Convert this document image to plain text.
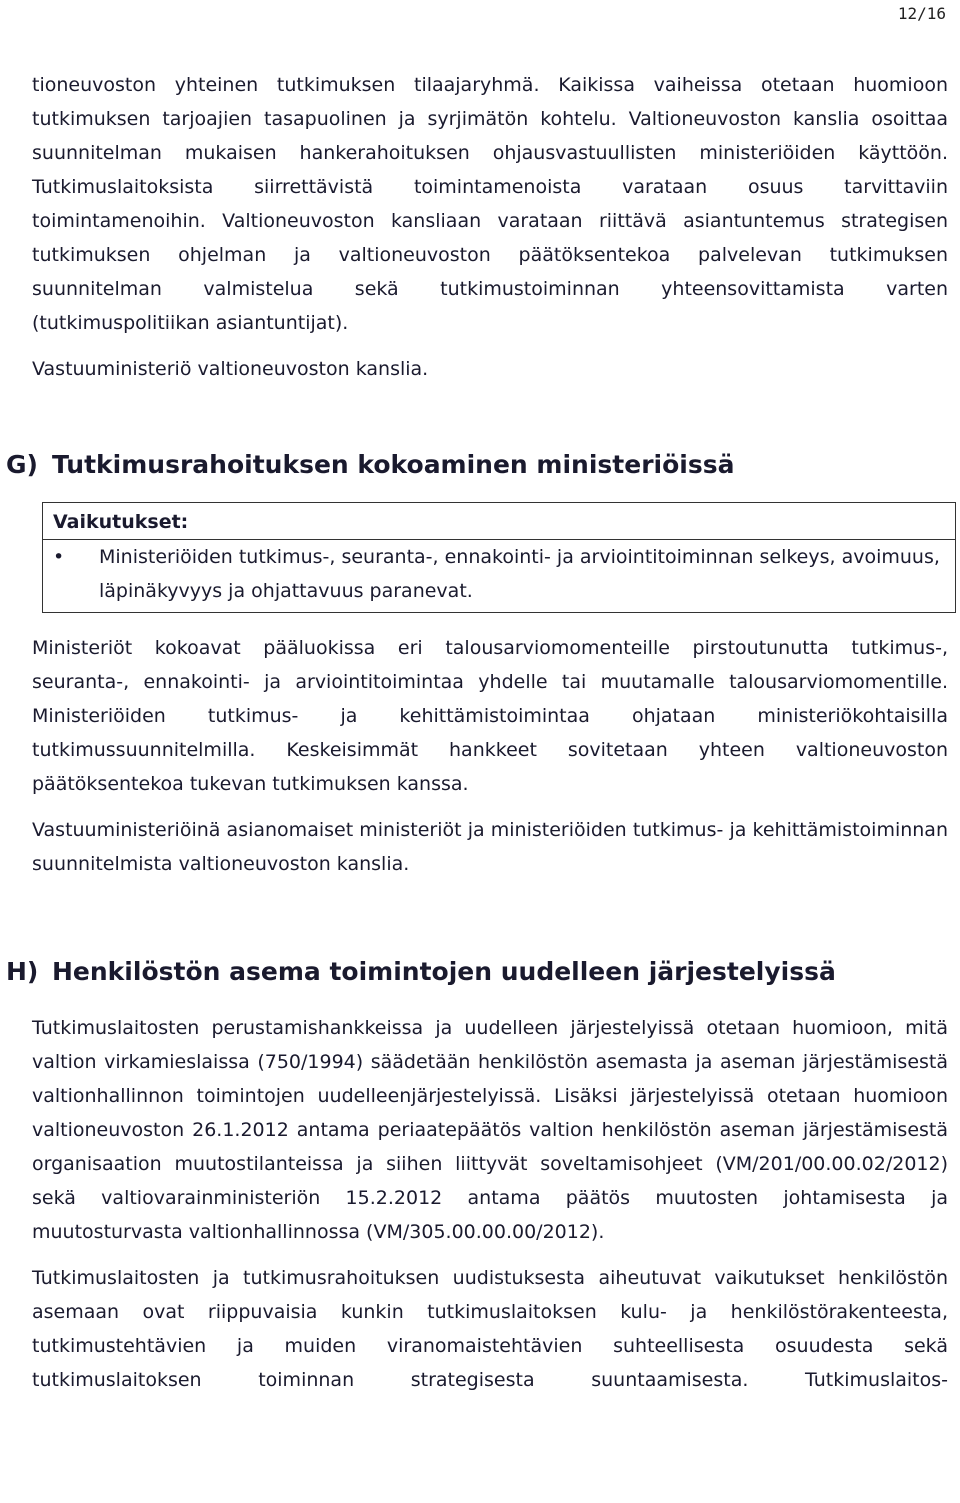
12/16

tioneuvoston yhteinen tutkimuksen tilaajaryhmä. Kaikissa vaiheissa otetaan huomioon tutkimuksen tarjoajien tasapuolinen ja syrjimätön kohtelu. Valtioneuvoston kanslia osoittaa suunnitelman mukaisen hankerahoituksen ohjausvastuullisten ministeriöiden käyttöön. Tutkimuslaitoksista siirrettävistä toimintamenoista varataan osuus tarvittaviin toimintamenoihin. Valtioneuvoston kansliaan varataan riittävä asiantuntemus strategisen tutkimuksen ohjelman ja valtioneuvoston päätöksentekoa palvelevan tutkimuksen suunnitelman valmistelua sekä tutkimustoiminnan yhteensovittamista varten (tutkimuspolitiikan asiantuntijat).

Vastuuministeriö valtioneuvoston kanslia.

G) Tutkimusrahoituksen kokoaminen ministeriöissä
Vaikutukset:
•	Ministeriöiden tutkimus-, seuranta-, ennakointi- ja arviointitoiminnan selkeys, avoimuus, läpinäkyvyys ja ohjattavuus paranevat.

Ministeriöt kokoavat pääluokissa eri talousarviomomenteille pirstoutunutta tutkimus-, seuranta-, ennakointi- ja arviointitoimintaa yhdelle tai muutamalle talousarviomomentille. Ministeriöiden tutkimus- ja kehittämistoimintaa ohjataan ministeriökohtaisilla tutkimussuunnitelmilla. Keskeisimmät hankkeet sovitetaan yhteen valtioneuvoston päätöksentekoa tukevan tutkimuksen kanssa.

Vastuuministeriöinä asianomaiset ministeriöt ja ministeriöiden tutkimus- ja kehittämistoiminnan suunnitelmista valtioneuvoston kanslia.

H) Henkilöstön asema toimintojen uudelleen järjestelyissä

Tutkimuslaitosten perustamishankkeissa ja uudelleen järjestelyissä otetaan huomioon, mitä valtion virkamieslaissa (750/1994) säädetään henkilöstön asemasta ja aseman järjestämisestä valtionhallinnon toimintojen uudelleenjärjestelyissä. Lisäksi järjestelyissä otetaan huomioon valtioneuvoston 26.1.2012 antama periaatepäätös valtion henkilöstön aseman järjestämisestä organisaation muutostilanteissa ja siihen liittyvät soveltamisohjeet (VM/201/00.00.02/2012) sekä valtiovarainministeriön 15.2.2012 antama päätös muutosten johtamisesta ja muutosturvasta valtionhallinnossa (VM/305.00.00.00/2012).

Tutkimuslaitosten ja tutkimusrahoituksen uudistuksesta aiheutuvat vaikutukset henkilöstön asemaan ovat riippuvaisia kunkin tutkimuslaitoksen kulu- ja henkilöstörakenteesta, tutkimustehtävien ja muiden viranomaistehtävien suhteellisesta osuudesta sekä tutkimuslaitoksen toiminnan strategisesta suuntaamisesta. Tutkimuslaitos-
